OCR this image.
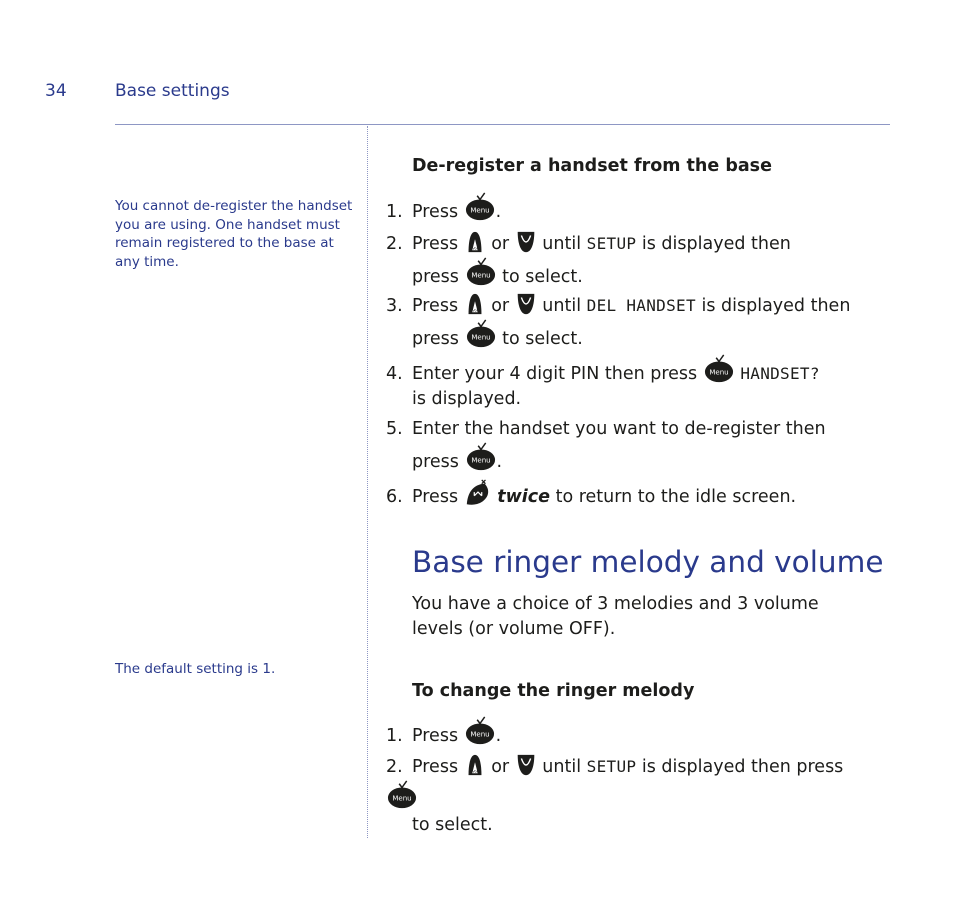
34	Base settings
You cannot de-register the handset you are using. One handset must remain registered to the base at any time.
The default setting is 1.
De-register a handset from the base
1. Press .
2. Press or until SETUP is displayed then
press to select.
3. Press or until DEL HANDSET is displayed then
press to select.
4. Enter your 4 digit PIN then press	HANDSET?
is displayed.
5. Enter the handset you want to de-register then
press .
6. Press twice to return to the idle screen.
Base ringer melody and volume
You have a choice of 3 melodies and 3 volume levels (or volume OFF).
To change the ringer melody
1. Press .
2. Press or until SETUP is displayed then press
to select.
